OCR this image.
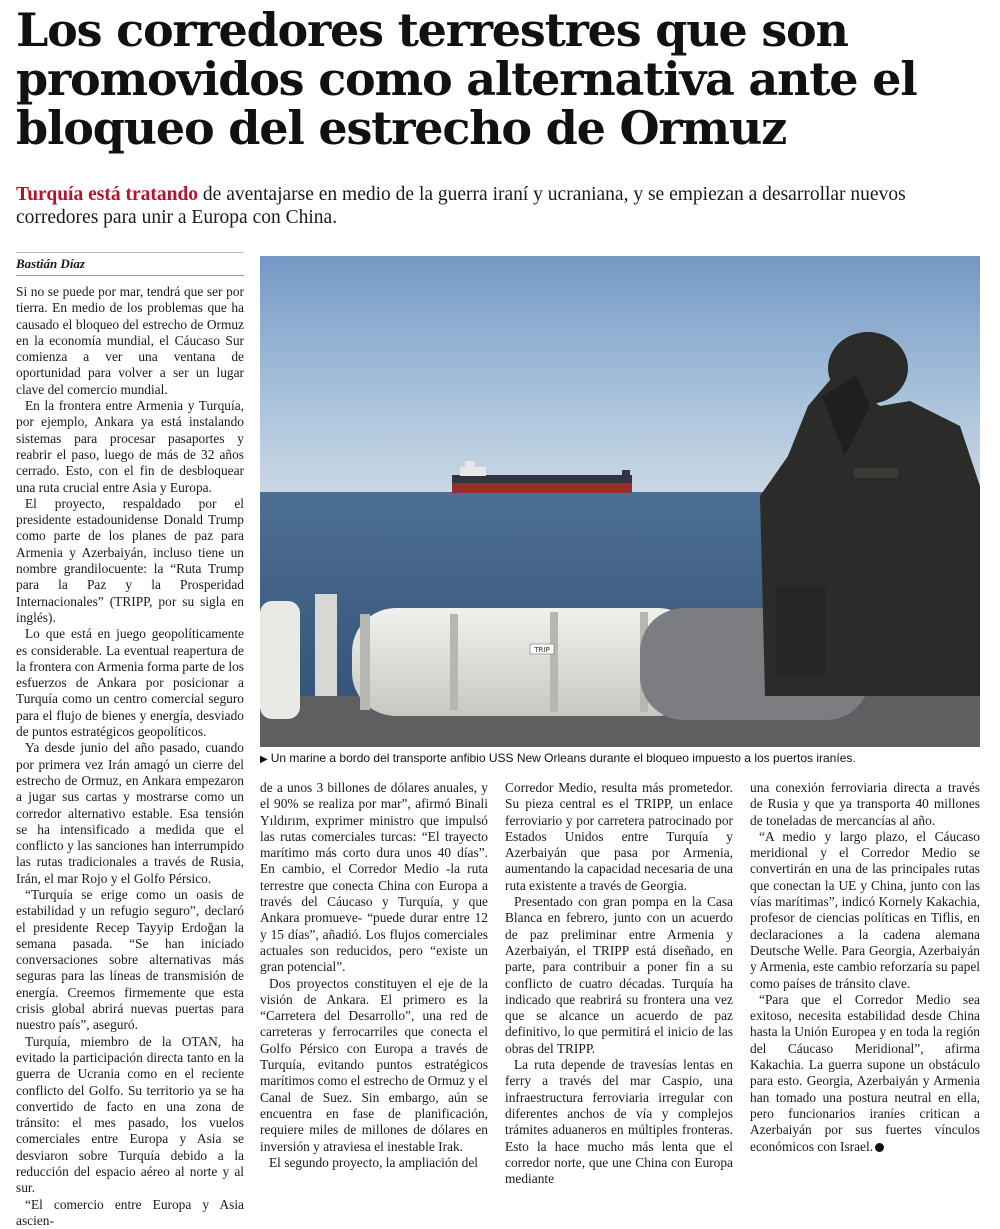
Los corredores terrestres que son promovidos como alternativa ante el bloqueo del estrecho de Ormuz

Turquía está tratando de aventajarse en medio de la guerra iraní y ucraniana, y se empiezan a desarrollar nuevos corredores para unir a Europa con China.

Bastián Díaz

Si no se puede por mar, tendrá que ser por tierra. En medio de los problemas que ha causado el bloqueo del estrecho de Ormuz en la economía mundial, el Cáucaso Sur comienza a ver una ventana de oportunidad para volver a ser un lugar clave del comercio mundial.

En la frontera entre Armenia y Turquía, por ejemplo, Ankara ya está instalando sistemas para procesar pasaportes y reabrir el paso, luego de más de 32 años cerrado. Esto, con el fin de desbloquear una ruta crucial entre Asia y Europa.

El proyecto, respaldado por el presidente estadounidense Donald Trump como parte de los planes de paz para Armenia y Azerbaiyán, incluso tiene un nombre grandilocuente: la “Ruta Trump para la Paz y la Prosperidad Internacionales” (TRIPP, por su sigla en inglés).

Lo que está en juego geopolíticamente es considerable. La eventual reapertura de la frontera con Armenia forma parte de los esfuerzos de Ankara por posicionar a Turquía como un centro comercial seguro para el flujo de bienes y energía, desviado de puntos estratégicos geopolíticos.

Ya desde junio del año pasado, cuando por primera vez Irán amagó un cierre del estrecho de Ormuz, en Ankara empezaron a jugar sus cartas y mostrarse como un corredor alternativo estable. Esa tensión se ha intensificado a medida que el conflicto y las sanciones han interrumpido las rutas tradicionales a través de Rusia, Irán, el mar Rojo y el Golfo Pérsico.

“Turquía se erige como un oasis de estabilidad y un refugio seguro”, declaró el presidente Recep Tayyip Erdoğan la semana pasada. “Se han iniciado conversaciones sobre alternativas más seguras para las líneas de transmisión de energía. Creemos firmemente que esta crisis global abrirá nuevas puertas para nuestro país”, aseguró.

Turquía, miembro de la OTAN, ha evitado la participación directa tanto en la guerra de Ucrania como en el reciente conflicto del Golfo. Su territorio ya se ha convertido de facto en una zona de tránsito: el mes pasado, los vuelos comerciales entre Europa y Asia se desviaron sobre Turquía debido a la reducción del espacio aéreo al norte y al sur.

“El comercio entre Europa y Asia ascien-

TRIP
▶ Un marine a bordo del transporte anfibio USS New Orleans durante el bloqueo impuesto a los puertos iraníes.

de a unos 3 billones de dólares anuales, y el 90% se realiza por mar”, afirmó Binali Yıldırım, exprimer ministro que impulsó las rutas comerciales turcas: “El trayecto marítimo más corto dura unos 40 días”. En cambio, el Corredor Medio -la ruta terrestre que conecta China con Europa a través del Cáucaso y Turquía, y que Ankara promueve- “puede durar entre 12 y 15 días”, añadió. Los flujos comerciales actuales son reducidos, pero “existe un gran potencial”.

Dos proyectos constituyen el eje de la visión de Ankara. El primero es la “Carretera del Desarrollo”, una red de carreteras y ferrocarriles que conecta el Golfo Pérsico con Europa a través de Turquía, evitando puntos estratégicos marítimos como el estrecho de Ormuz y el Canal de Suez. Sin embargo, aún se encuentra en fase de planificación, requiere miles de millones de dólares en inversión y atraviesa el inestable Irak.

El segundo proyecto, la ampliación del

Corredor Medio, resulta más prometedor. Su pieza central es el TRIPP, un enlace ferroviario y por carretera patrocinado por Estados Unidos entre Turquía y Azerbaiyán que pasa por Armenia, aumentando la capacidad necesaria de una ruta existente a través de Georgia.

Presentado con gran pompa en la Casa Blanca en febrero, junto con un acuerdo de paz preliminar entre Armenia y Azerbaiyán, el TRIPP está diseñado, en parte, para contribuir a poner fin a su conflicto de cuatro décadas. Turquía ha indicado que reabrirá su frontera una vez que se alcance un acuerdo de paz definitivo, lo que permitirá el inicio de las obras del TRIPP.

La ruta depende de travesías lentas en ferry a través del mar Caspio, una infraestructura ferroviaria irregular con diferentes anchos de vía y complejos trámites aduaneros en múltiples fronteras. Esto la hace mucho más lenta que el corredor norte, que une China con Europa mediante

una conexión ferroviaria directa a través de Rusia y que ya transporta 40 millones de toneladas de mercancías al año.

“A medio y largo plazo, el Cáucaso meridional y el Corredor Medio se convertirán en una de las principales rutas que conectan la UE y China, junto con las vías marítimas”, indicó Kornely Kakachia, profesor de ciencias políticas en Tiflis, en declaraciones a la cadena alemana Deutsche Welle. Para Georgia, Azerbaiyán y Armenia, este cambio reforzaría su papel como países de tránsito clave.

“Para que el Corredor Medio sea exitoso, necesita estabilidad desde China hasta la Unión Europea y en toda la región del Cáucaso Meridional”, afirma Kakachia. La guerra supone un obstáculo para esto. Georgia, Azerbaiyán y Armenia han tomado una postura neutral en ella, pero funcionarios iraníes critican a Azerbaiyán por sus fuertes vínculos económicos con Israel.
